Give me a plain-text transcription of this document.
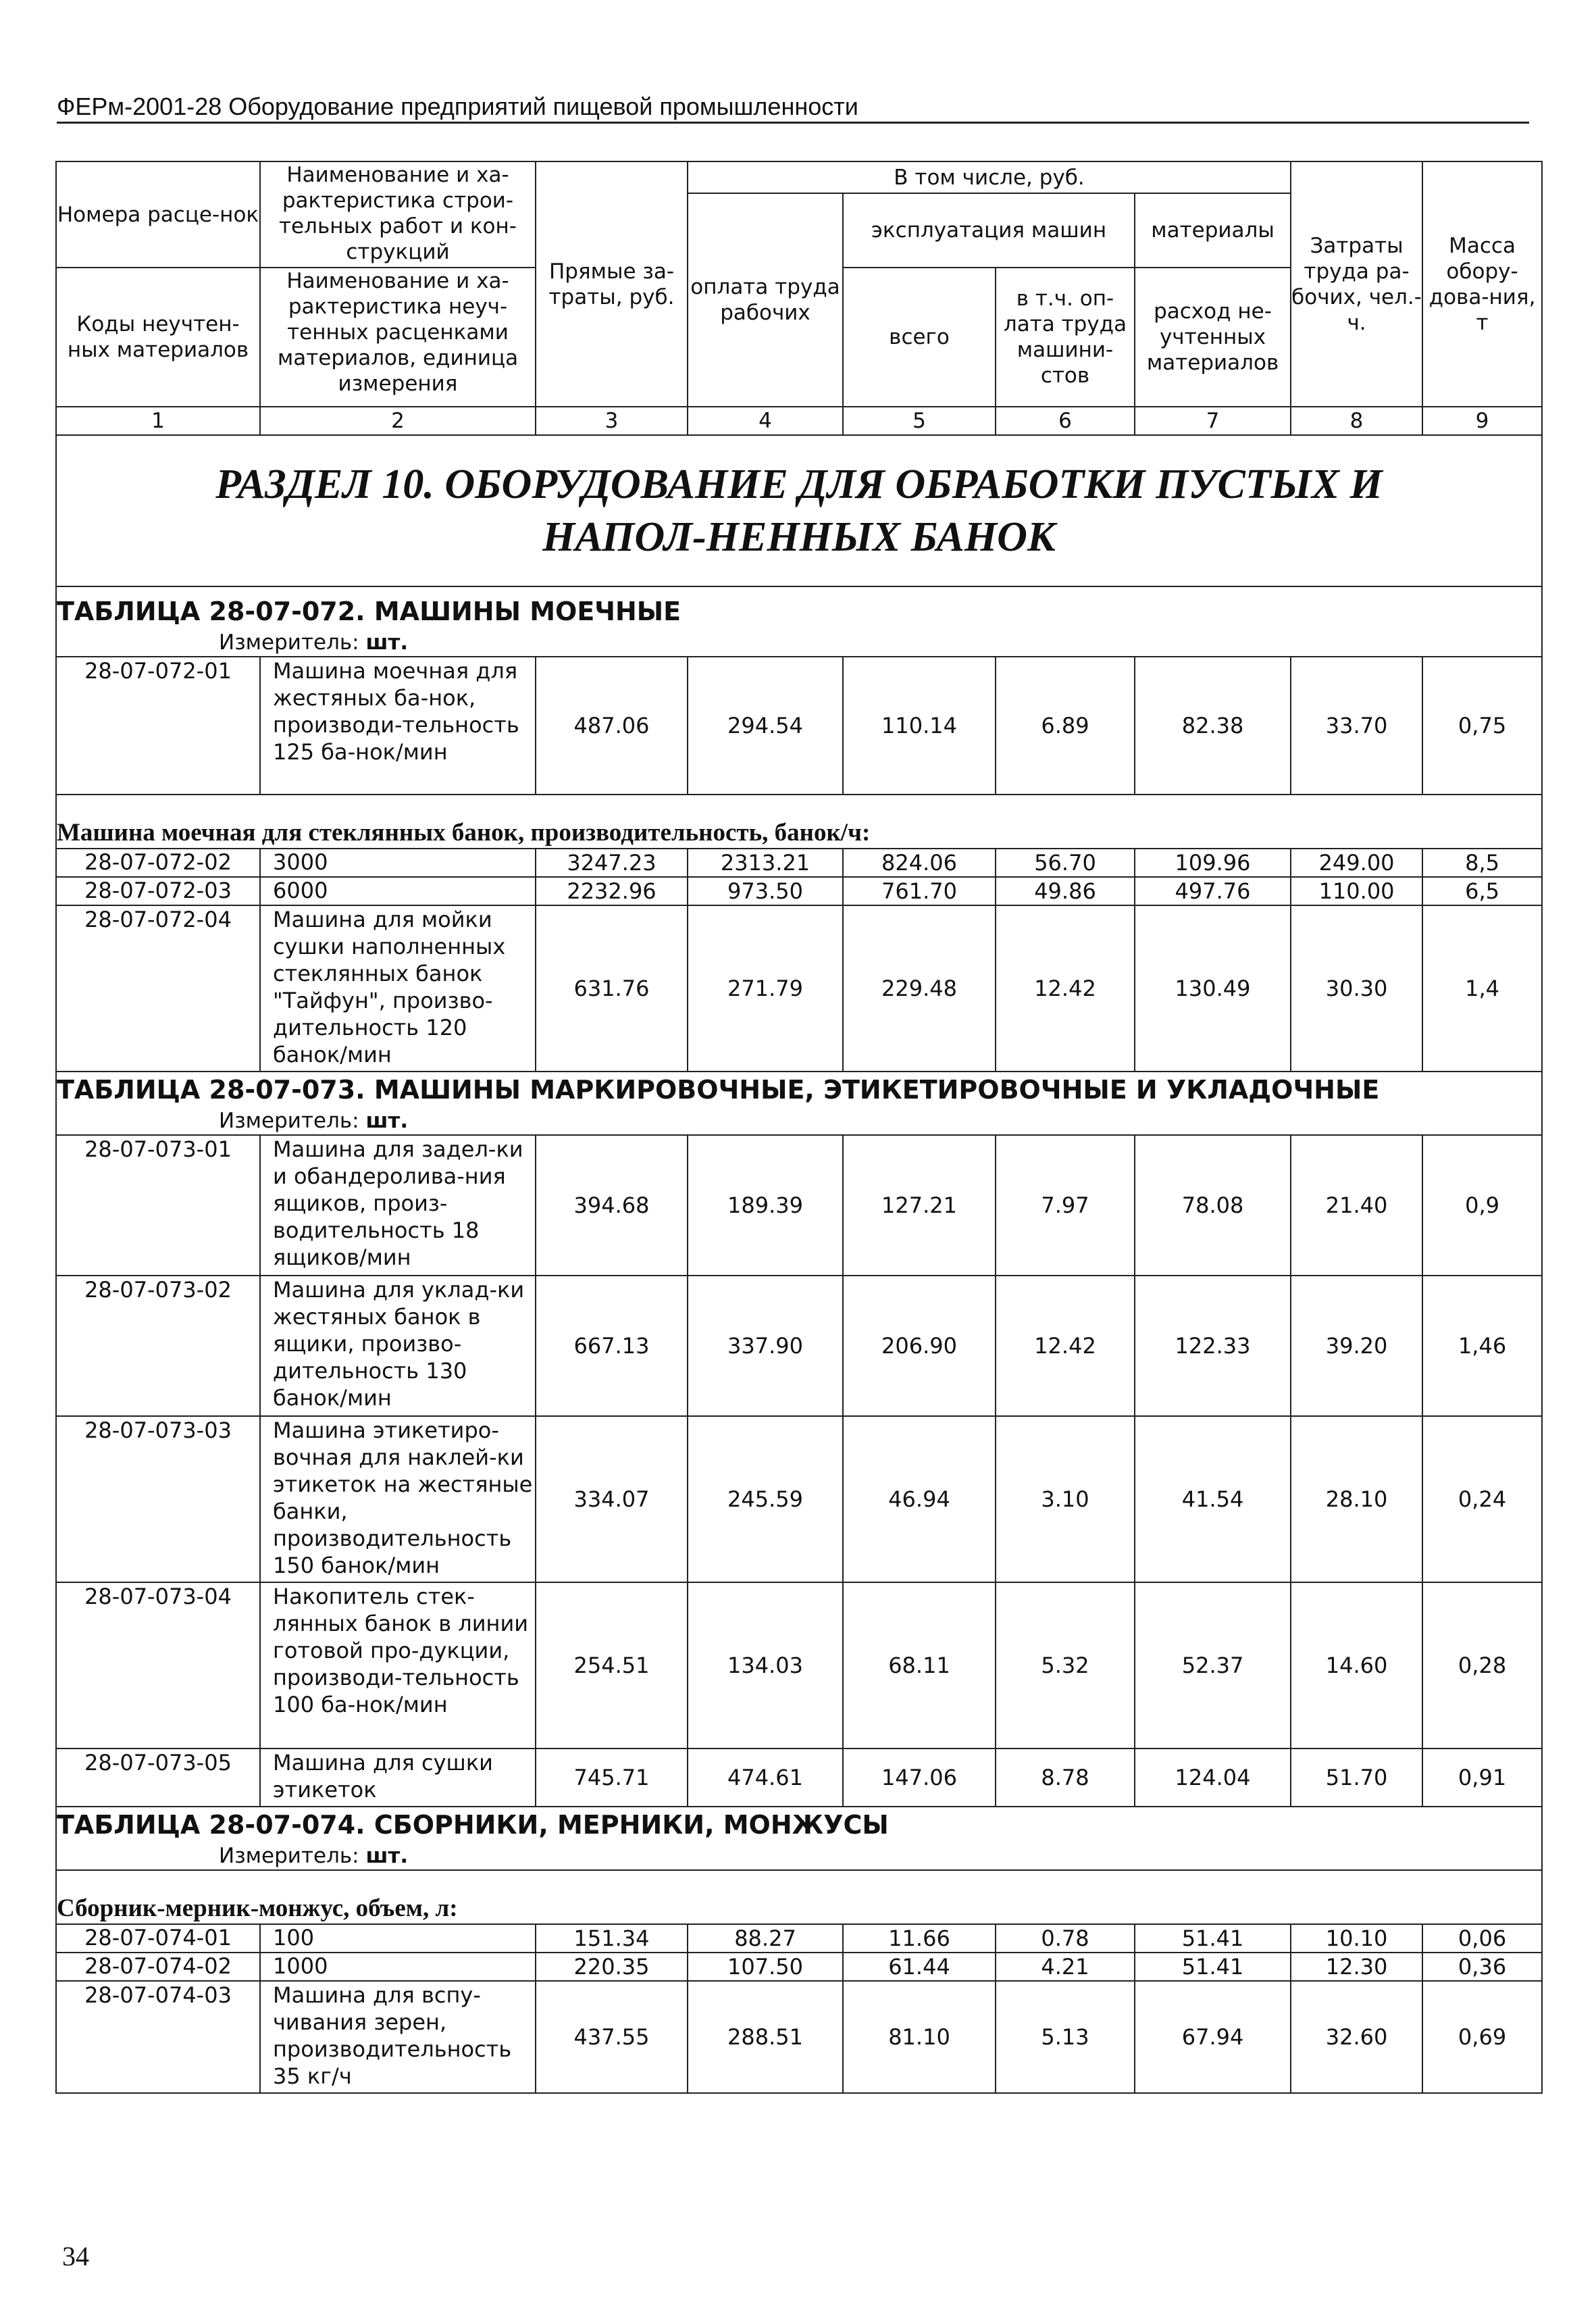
ФЕРм-2001-28 Оборудование предприятий пищевой промышленности
Номера расце-нок	Наименование и ха-рактеристика строи-тельных работ и кон-струкций	Прямые за-траты, руб.	В том числе, руб.				Затраты труда ра-бочих, чел.-ч.	Масса обору-дова-ния, т
			оплата труда рабочих	эксплуатация машин		материалы		
Коды неучтен-ных материалов	Наименование и ха-рактеристика неуч-тенных расценками материалов, единица измерения			всего	в т.ч. оп-лата труда машини-стов	расход не-учтенных материалов		

1	2	3	4	5	6	7	8	9
РАЗДЕЛ 10. ОБОРУДОВАНИЕ ДЛЯ ОБРАБОТКИ ПУСТЫХ И НАПОЛ-НЕННЫХ БАНОК								

ТАБЛИЦА 28-07-072. МАШИНЫ МОЕЧНЫЕ
Измеритель: шт.								

28-07-072-01	Машина моечная для жестяных ба-нок, производи-тельность 125 ба-нок/мин	487.06	294.54	110.14	6.89	82.38	33.70	0,75
Машина моечная для стеклянных банок, производительность, банок/ч:								
28-07-072-02	3000	3247.23	2313.21	824.06	56.70	109.96	249.00	8,5
28-07-072-03	6000	2232.96	973.50	761.70	49.86	497.76	110.00	6,5
28-07-072-04	Машина для мойки сушки наполненных стеклянных банок "Тайфун", произво-дительность 120 банок/мин	631.76	271.79	229.48	12.42	130.49	30.30	1,4

ТАБЛИЦА 28-07-073. МАШИНЫ МАРКИРОВОЧНЫЕ, ЭТИКЕТИРОВОЧНЫЕ И УКЛАДОЧНЫЕ
Измеритель: шт.								

28-07-073-01	Машина для задел-ки и обандеролива-ния ящиков, произ-водительность 18 ящиков/мин	394.68	189.39	127.21	7.97	78.08	21.40	0,9
28-07-073-02	Машина для уклад-ки жестяных банок в ящики, произво-дительность 130 банок/мин	667.13	337.90	206.90	12.42	122.33	39.20	1,46
28-07-073-03	Машина этикетиро-вочная для наклей-ки этикеток на жестяные банки, производительность 150 банок/мин	334.07	245.59	46.94	3.10	41.54	28.10	0,24
28-07-073-04	Накопитель стек-лянных банок в линии готовой про-дукции, производи-тельность 100 ба-нок/мин	254.51	134.03	68.11	5.32	52.37	14.60	0,28
28-07-073-05	Машина для сушки этикеток	745.71	474.61	147.06	8.78	124.04	51.70	0,91

ТАБЛИЦА 28-07-074. СБОРНИКИ, МЕРНИКИ, МОНЖУСЫ
Измеритель: шт.								

Сборник-мерник-монжус, объем, л:								
28-07-074-01	100	151.34	88.27	11.66	0.78	51.41	10.10	0,06
28-07-074-02	1000	220.35	107.50	61.44	4.21	51.41	12.30	0,36
28-07-074-03	Машина для вспу-чивания зерен, производительность 35 кг/ч	437.55	288.51	81.10	5.13	67.94	32.60	0,69
34
